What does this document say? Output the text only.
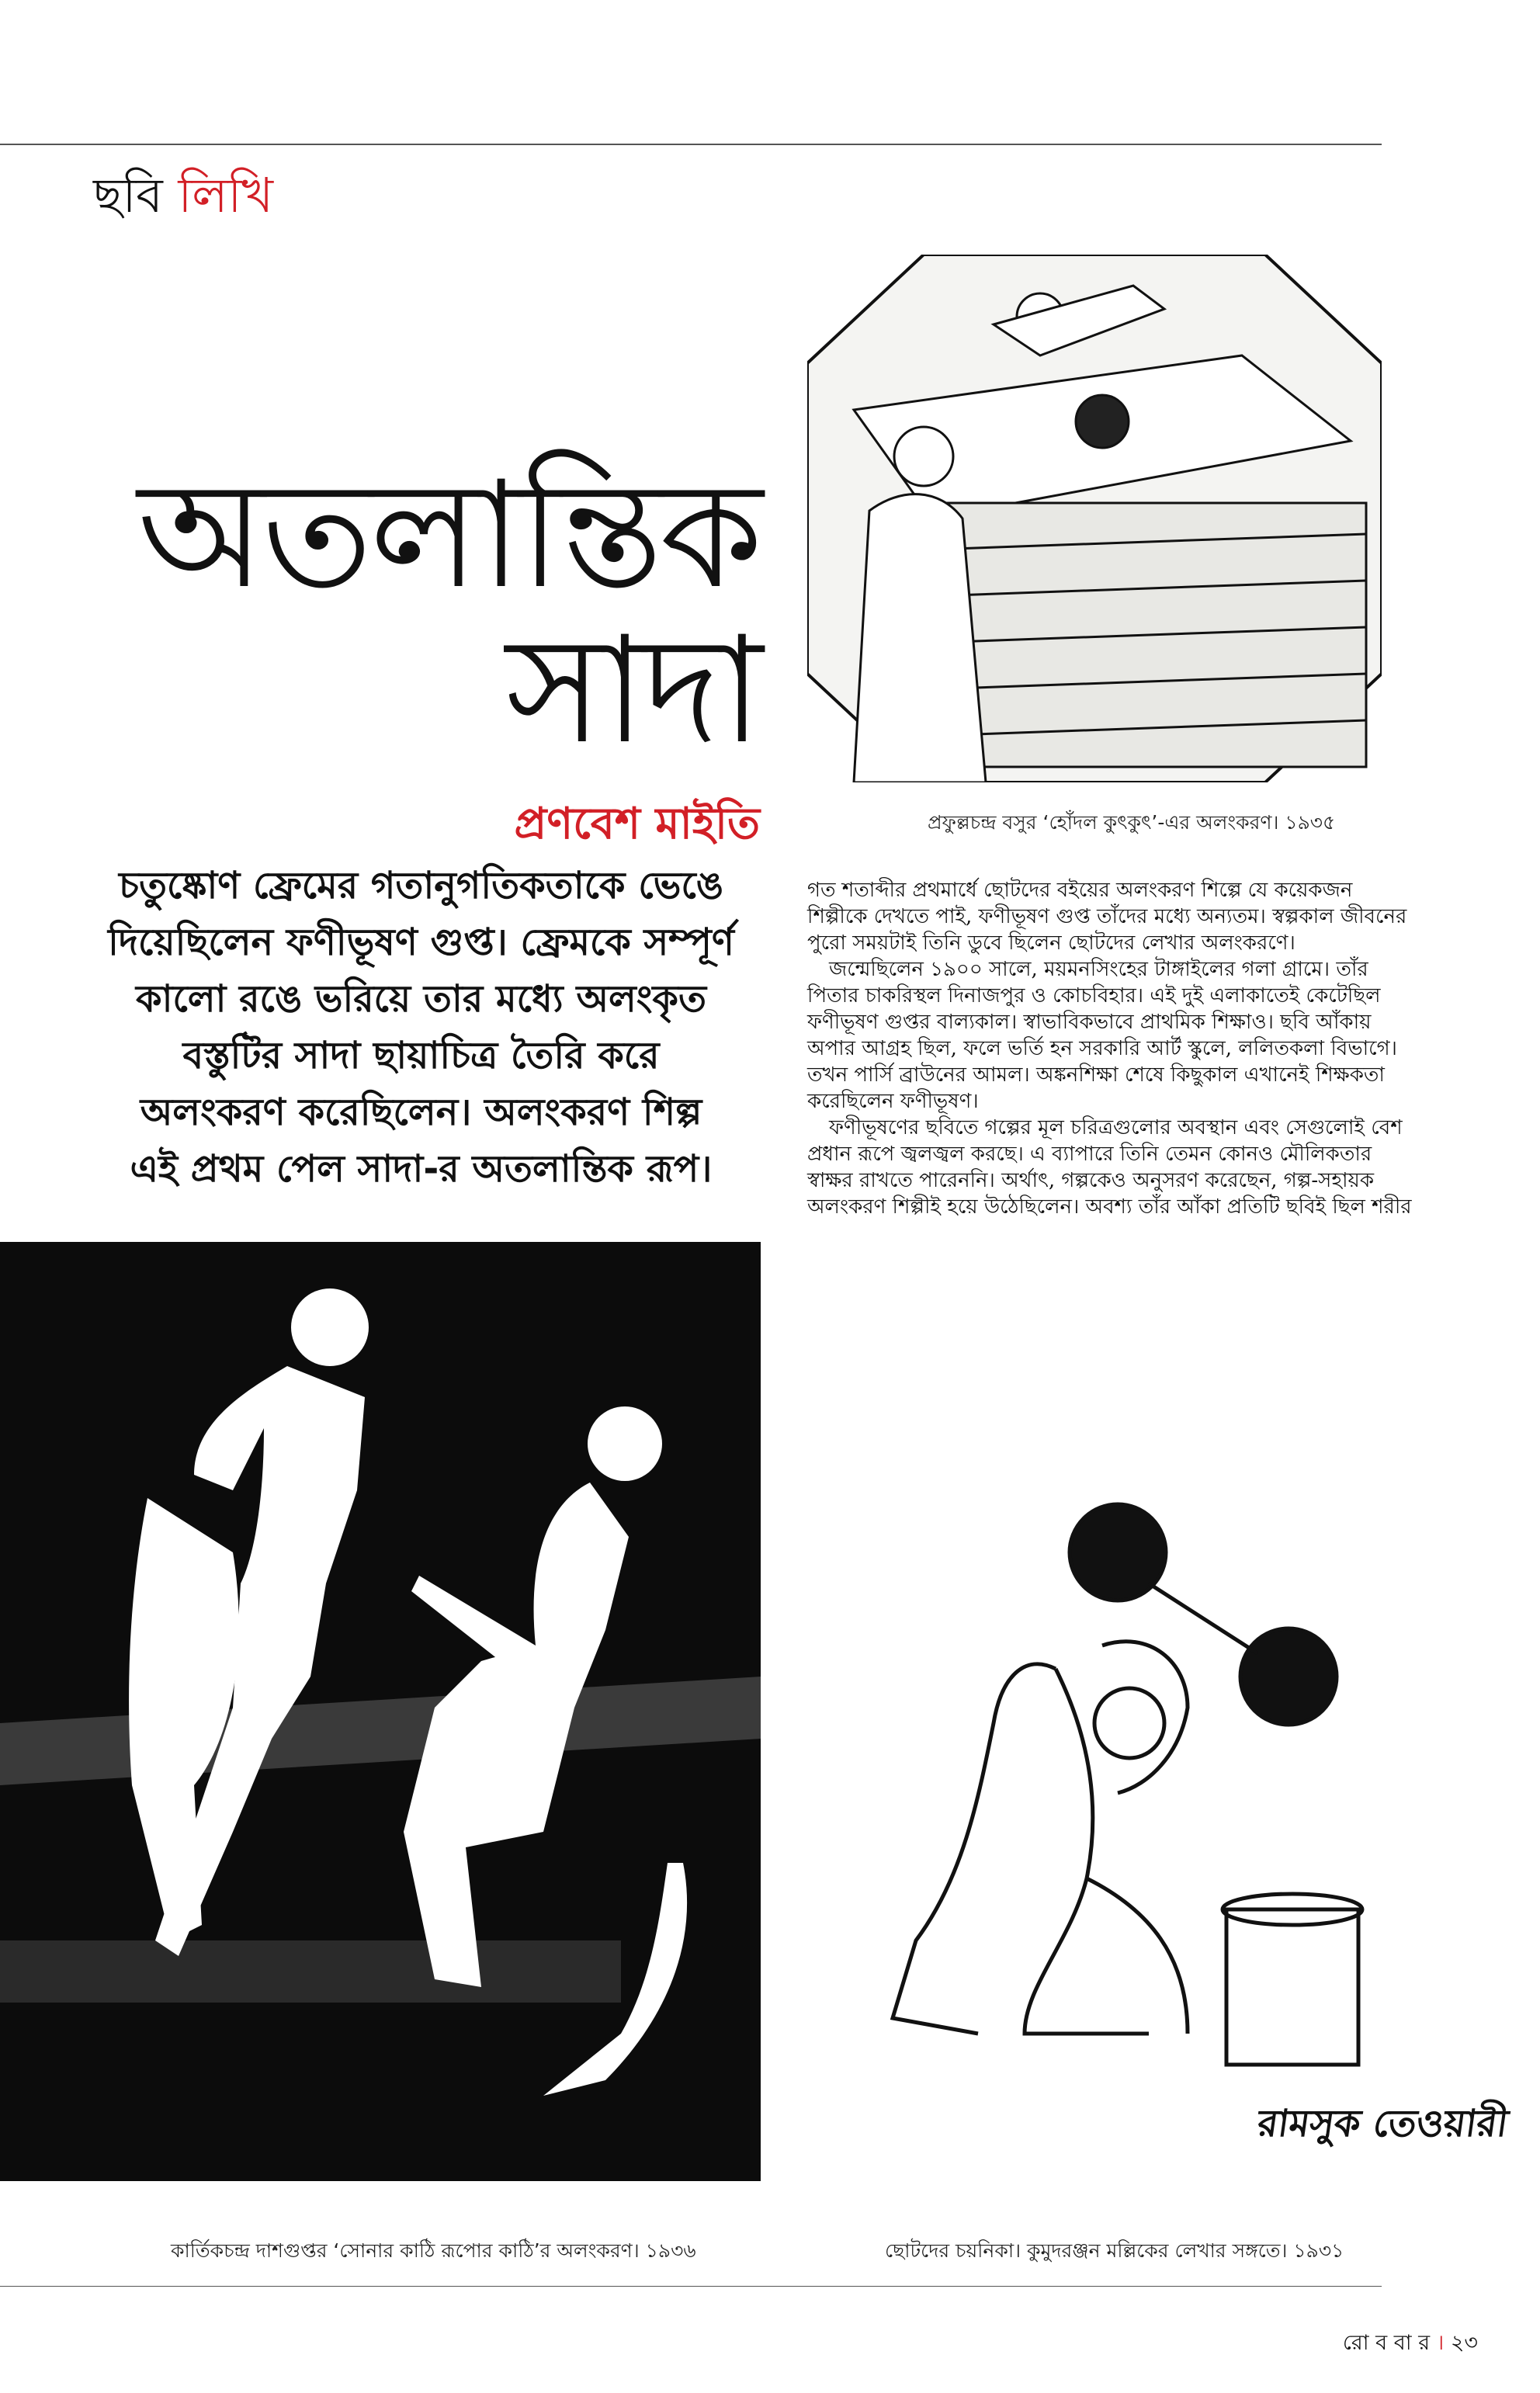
ছবি লিখি
অতলান্তিক
সাদা
প্রণবেশ মাইতি	প্রফুল্লচন্দ্র বসুর ‘হোঁদল কুৎকুৎ’-এর অলংকরণ। ১৯৩৫
চতুষ্কোণ ফ্রেমের গতানুগতিকতাকে ভেঙে
দিয়েছিলেন ফণীভূষণ গুপ্ত। ফ্রেমকে সম্পূর্ণ
কালো রঙে ভরিয়ে তার মধ্যে অলংকৃত
বস্তুটির সাদা ছায়াচিত্র তৈরি করে
অলংকরণ করেছিলেন। অলংকরণ শিল্প
এই প্রথম পেল সাদা-র অতলান্তিক রূপ।

গত শতাব্দীর প্রথমার্ধে ছোটদের বইয়ের অলংকরণ শিল্পে যে কয়েকজন শিল্পীকে দেখতে পাই, ফণীভূষণ গুপ্ত তাঁদের মধ্যে অন্যতম। স্বল্পকাল জীবনের পুরো সময়টাই তিনি ডুবে ছিলেন ছোটদের লেখার অলংকরণে।

জন্মেছিলেন ১৯০০ সালে, ময়মনসিংহের টাঙ্গাইলের গলা গ্রামে। তাঁর পিতার চাকরিস্থল দিনাজপুর ও কোচবিহার। এই দুই এলাকাতেই কেটেছিল ফণীভূষণ গুপ্তর বাল্যকাল। স্বাভাবিকভাবে প্রাথমিক শিক্ষাও। ছবি আঁকায় অপার আগ্রহ ছিল, ফলে ভর্তি হন সরকারি আর্ট স্কুলে, ললিতকলা বিভাগে। তখন পার্সি ব্রাউনের আমল। অঙ্কনশিক্ষা শেষে কিছুকাল এখানেই শিক্ষকতা করেছিলেন ফণীভূষণ।

ফণীভূষণের ছবিতে গল্পের মূল চরিত্রগুলোর অবস্থান এবং সেগুলোই বেশ প্রধান রূপে জ্বলজ্বল করছে। এ ব্যাপারে তিনি তেমন কোনও মৌলিকতার স্বাক্ষর রাখতে পারেননি। অর্থাৎ, গল্পকেও অনুসরণ করেছেন, গল্প-সহায়ক অলংকরণ শিল্পীই হয়ে উঠেছিলেন। অবশ্য তাঁর আঁকা প্রতিটি ছবিই ছিল শরীর

রামসুক তেওয়ারী
কার্তিকচন্দ্র দাশগুপ্তর ‘সোনার কাঠি রূপোর কাঠি’র অলংকরণ। ১৯৩৬	ছোটদের চয়নিকা। কুমুদরঞ্জন মল্লিকের লেখার সঙ্গতে। ১৯৩১
রো ব বা র । ২৩
